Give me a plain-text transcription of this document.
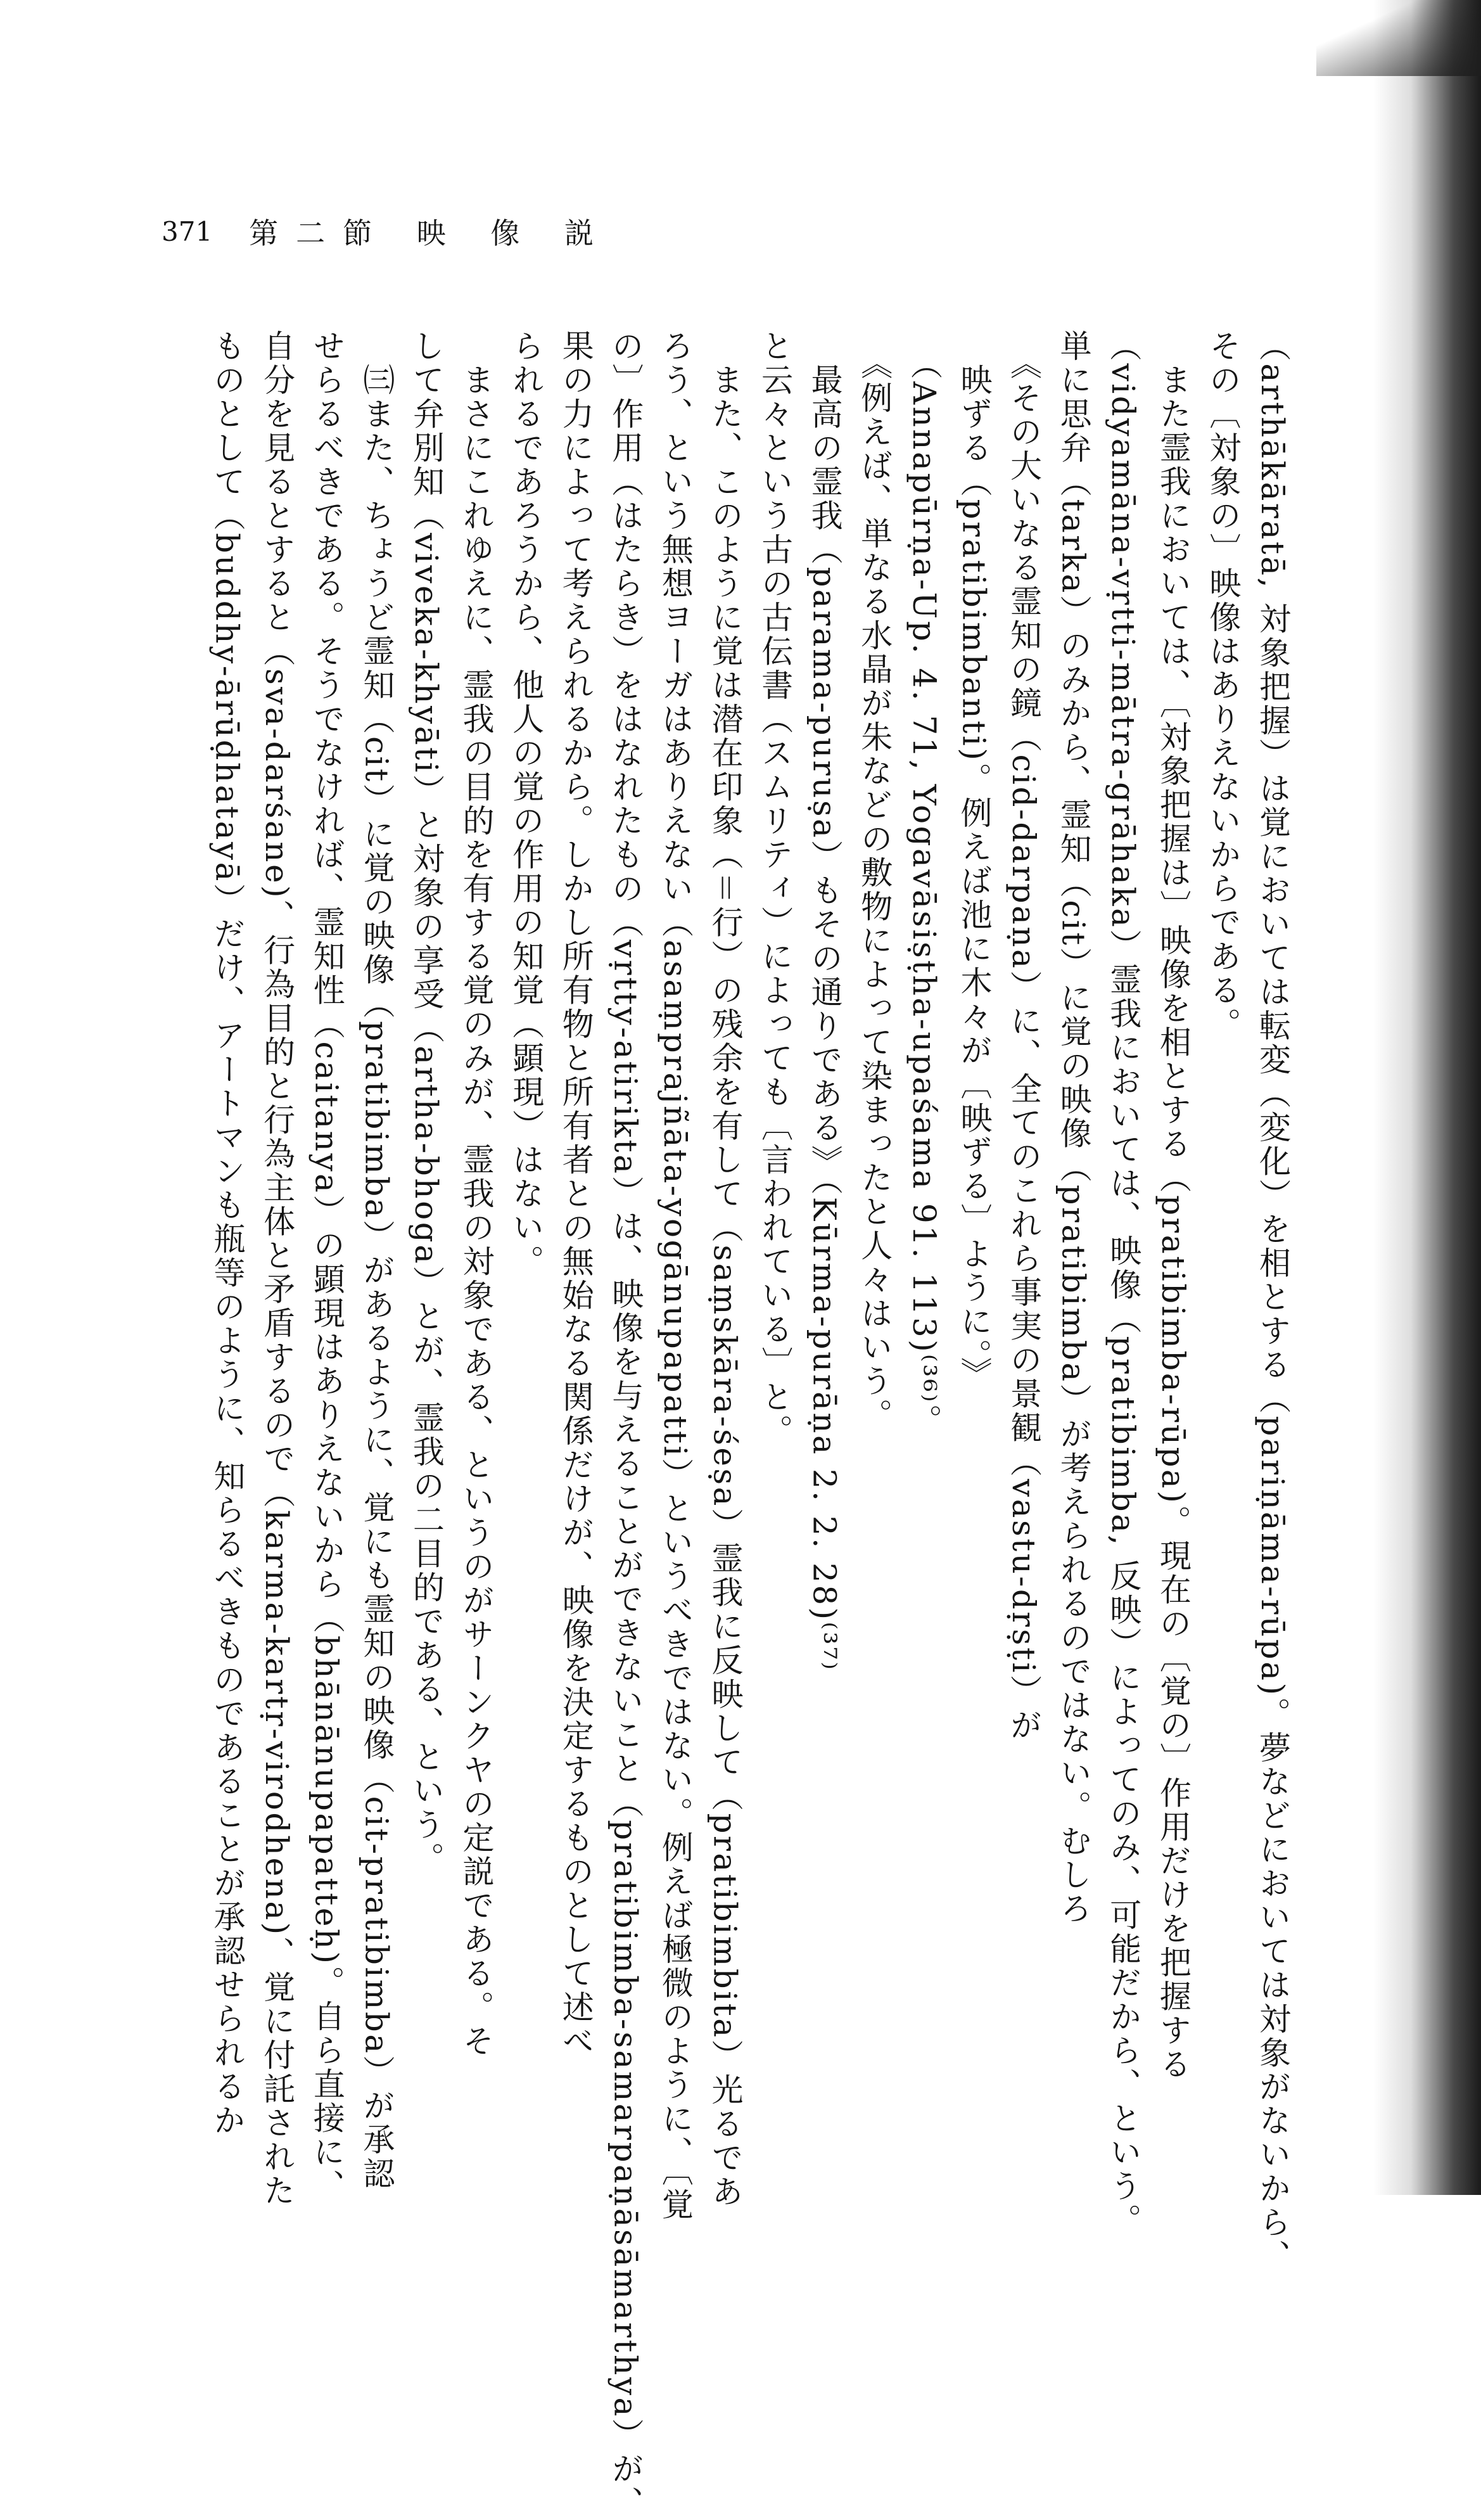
371 第二節 映 像 説
（arthākāratā, 対象把握）は覚においては転変（変化）を相とする（pariṇāma-rūpa)。夢などにおいては対象がないから、
その〔対象の〕映像はありえないからである。
　また霊我においては、〔対象把握は〕映像を相とする（pratibimba-rūpa)。現在の〔覚の〕作用だけを把握する
（vidyamāna-vṛtti-mātra-grāhaka）霊我においては、映像（pratibimba, 反映）によってのみ、可能だから、という。
単に思弁（tarka）のみから、霊知（cit）に覚の映像（pratibimba）が考えられるのではない。むしろ
　《その大いなる霊知の鏡（cid-darpaṇa）に、全てのこれら事実の景観（vastu-dṛṣṭi）が
　映ずる（pratibimbanti)。例えば池に木々が〔映ずる〕ように。》
　（Annapūrṇa-Up. 4. 71, Yogavāsiṣṭha-upaśama 91. 113)⁽³⁶⁾。
　《例えば、単なる水晶が朱などの敷物によって染まったと人々はいう。
　最高の霊我（parama-puruṣa）もその通りである》（Kūrma-purāṇa 2. 2. 28)⁽³⁷⁾
と云々という古の古伝書（スムリティ）によっても〔言われている〕と。
　また、このように覚は潜在印象（＝行）の残余を有して（saṃskāra-śeṣa）霊我に反映して（pratibimbita）光るであ
ろう、という無想ヨーガはありえない（asaṃprajñāta-yogānupapatti）というべきではない。例えば極微のように、〔覚
の〕作用（はたらき）をはなれたもの（vṛtty-atirikta）は、映像を与えることができないこと（pratibimba-samarpaṇāsāmarthya）が、
果の力によって考えられるから。しかし所有物と所有者との無始なる関係だけが、映像を決定するものとして述べ
られるであろうから、他人の覚の作用の知覚（顕現）はない。
　まさにこれゆえに、霊我の目的を有する覚のみが、霊我の対象である、というのがサーンクヤの定説である。そ
して弁別知（viveka-khyāti）と対象の享受（artha-bhoga）とが、霊我の二目的である、という。
　㈢また、ちょうど霊知（cit）に覚の映像（pratibimba）があるように、覚にも霊知の映像（cit-pratibimba）が承認
せらるべきである。そうでなければ、霊知性（caitanya）の顕現はありえないから（bhānānupapatteḥ)。自ら直接に、
自分を見るとすると（sva-darśane)、行為目的と行為主体と矛盾するので（karma-kartṛ-virodhena)、覚に付託された
ものとして（buddhy-ārūḍhatayā）だけ、アートマンも瓶等のように、知らるべきものであることが承認せられるか
